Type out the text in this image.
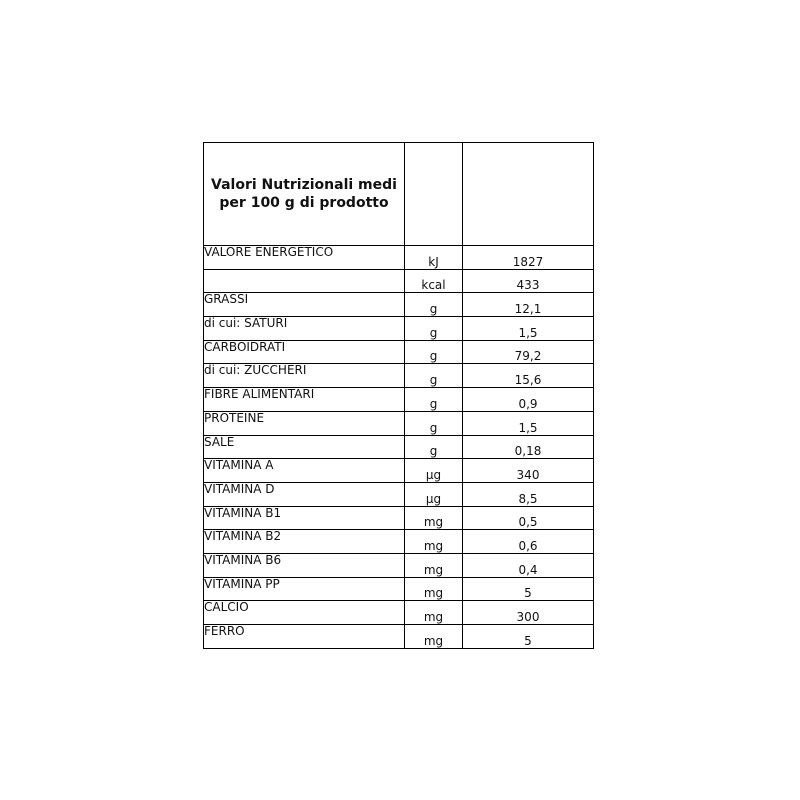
Valori Nutrizionali medi
per 100 g di prodotto		

VALORE ENERGETICO	kJ	1827
	kcal	433
GRASSI	g	12,1
di cui: SATURI	g	1,5
CARBOIDRATI	g	79,2
di cui: ZUCCHERI	g	15,6
FIBRE ALIMENTARI	g	0,9
PROTEINE	g	1,5
SALE	g	0,18
VITAMINA A	µg	340
VITAMINA D	µg	8,5
VITAMINA B1	mg	0,5
VITAMINA B2	mg	0,6
VITAMINA B6	mg	0,4
VITAMINA PP	mg	5
CALCIO	mg	300
FERRO	mg	5
